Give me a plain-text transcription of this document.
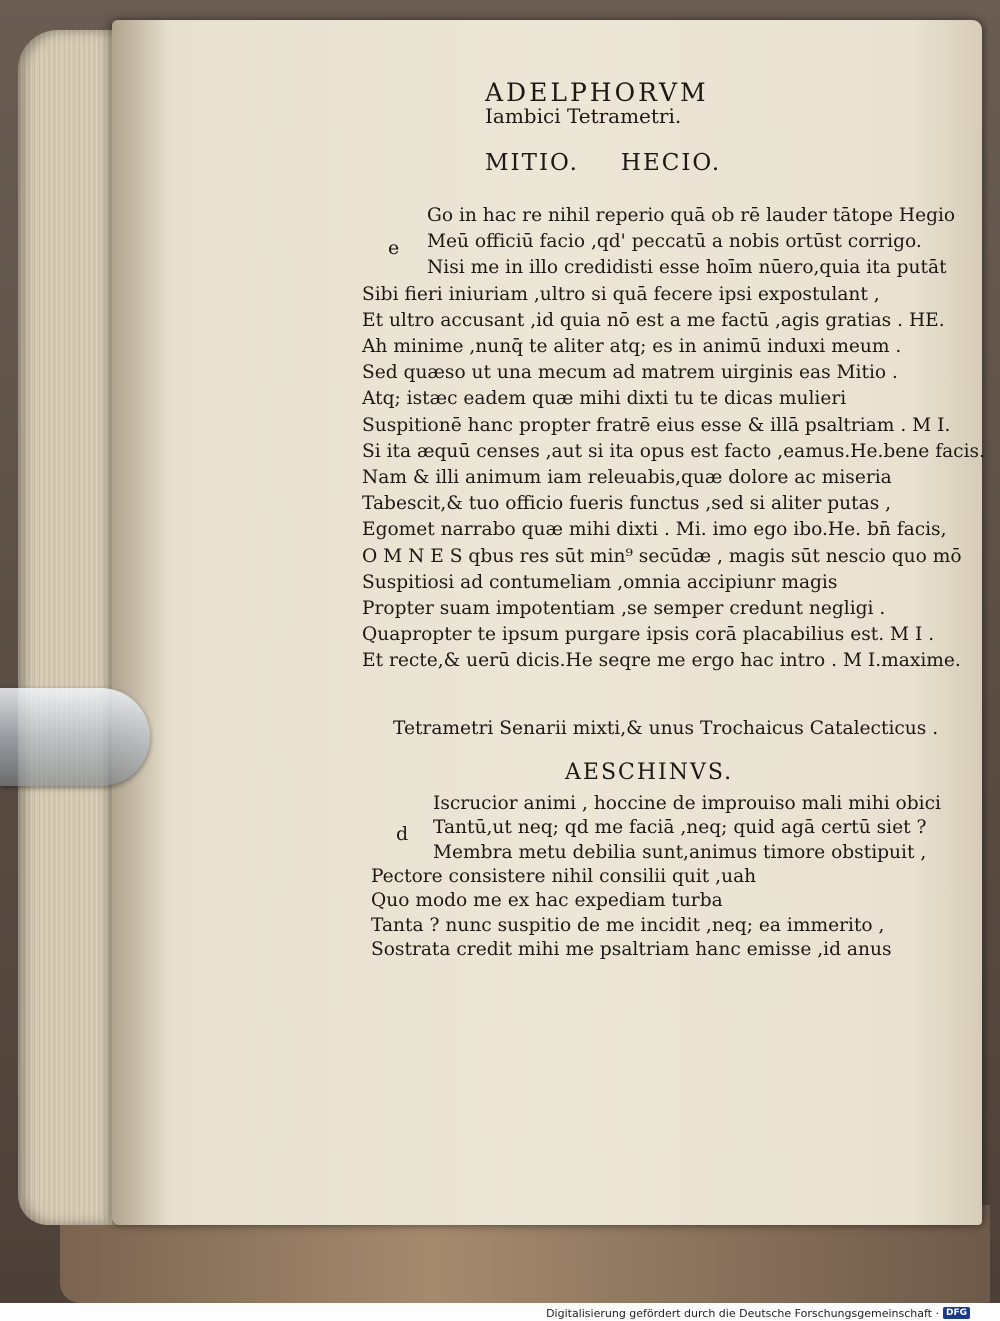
ADELPHORVM
Iambici Tetrametri.
MITIO. HECIO.
Go in hac re nihil reperio quā ob rē lauder tātope Hegio
Meū officiū facio ,qd' peccatū a nobis ortūst corrigo.
e
Nisi me in illo credidisti esse hoīm nūero,quia ita putāt
Sibi fieri iniuriam ,ultro si quā fecere ipsi expostulant ,
Et ultro accusant ,id quia nō est a me factū ,agis gratias . HE.
Ah minime ,nunq̄ te aliter atq; es in animū induxi meum .
Sed quæso ut una mecum ad matrem uirginis eas Mitio .
Atq; istæc eadem quæ mihi dixti tu te dicas mulieri
Suspitionē hanc propter fratrē eius esse & illā psaltriam . M I.
Si ita æquū censes ,aut si ita opus est facto ,eamus.He.bene facis.
Nam & illi animum iam releuabis,quæ dolore ac miseria
Tabescit,& tuo officio fueris functus ,sed si aliter putas ,
Egomet narrabo quæ mihi dixti . Mi. imo ego ibo.He. bn̄ facis,
O M N E S qbus res sūt min⁹ secūdæ , magis sūt nescio quo mō
Suspitiosi ad contumeliam ,omnia accipiunr magis
Propter suam impotentiam ,se semper credunt negligi .
Quapropter te ipsum purgare ipsis corā placabilius est. M I .
Et recte,& uerū dicis.He seqre me ergo hac intro . M I.maxime.
Tetrametri Senarii mixti,& unus Trochaicus Catalecticus .
AESCHINVS.
Iscrucior animi , hoccine de improuiso mali mihi obici
Tantū,ut neq; qd me faciā ,neq; quid agā certū siet ?
d
Membra metu debilia sunt,animus timore obstipuit ,
Pectore consistere nihil consilii quit ,uah
Quo modo me ex hac expediam turba
Tanta ? nunc suspitio de me incidit ,neq; ea immerito ,
Sostrata credit mihi me psaltriam hanc emisse ,id anus
Digitalisierung gefördert durch die Deutsche Forschungsgemeinschaft · DFG
